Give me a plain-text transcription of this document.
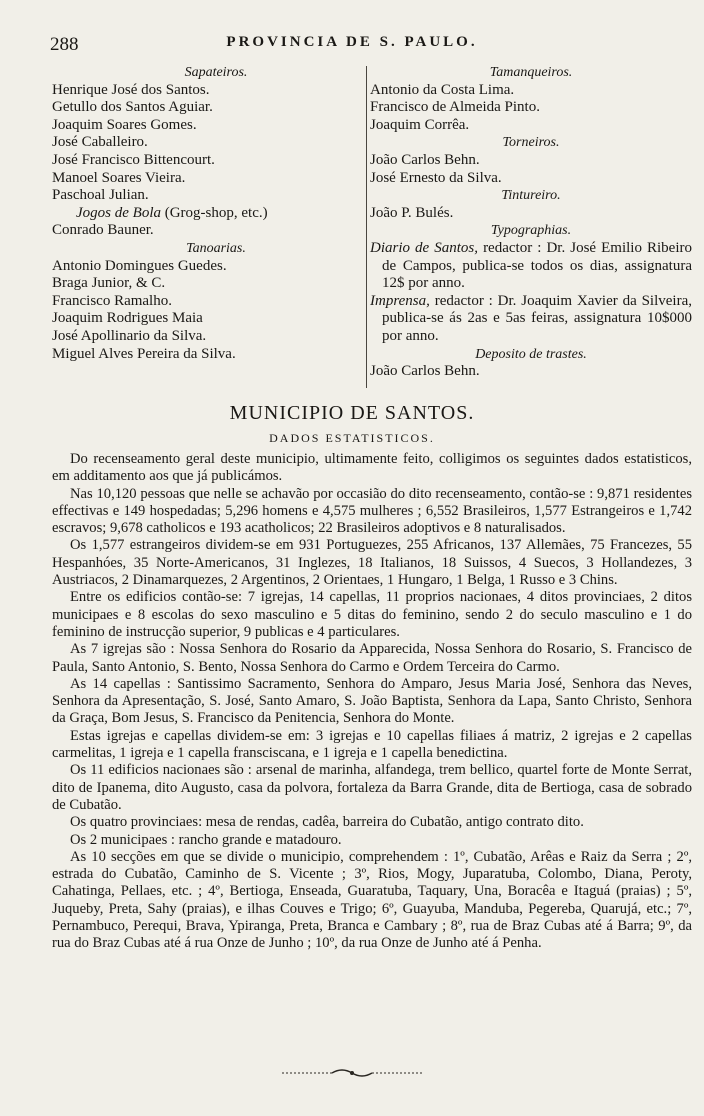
288	PROVINCIA DE S. PAULO.
Sapateiros.
Henrique José dos Santos.
Getullo dos Santos Aguiar.
Joaquim Soares Gomes.
José Caballeiro.
José Francisco Bittencourt.
Manoel Soares Vieira.
Paschoal Julian.
Jogos de Bola (Grog-shop, etc.)
Conrado Bauner.
Tanoarias.
Antonio Domingues Guedes.
Braga Junior, & C.
Francisco Ramalho.
Joaquim Rodrigues Maia
José Apollinario da Silva.
Miguel Alves Pereira da Silva.
Tamanqueiros.
Antonio da Costa Lima.
Francisco de Almeida Pinto.
Joaquim Corrêa.
Torneiros.
João Carlos Behn.
José Ernesto da Silva.
Tintureiro.
João P. Bulés.
Typographias.
Diario de Santos, redactor : Dr. José Emilio Ribeiro de Campos, publica-se todos os dias, assignatura 12$ por anno.
Imprensa, redactor : Dr. Joaquim Xavier da Silveira, publica-se ás 2as e 5as feiras, assignatura 10$000 por anno.
Deposito de trastes.
João Carlos Behn.
MUNICIPIO DE SANTOS.
DADOS ESTATISTICOS.

Do recenseamento geral deste municipio, ultimamente feito, colligimos os seguintes dados estatisticos, em additamento aos que já publicámos.

Nas 10,120 pessoas que nelle se achavão por occasião do dito recenseamento, contão-se : 9,871 residentes effectivas e 149 hospedadas; 5,296 homens e 4,575 mulheres ; 6,552 Brasileiros, 1,577 Estrangeiros e 1,742 escravos; 9,678 catholicos e 193 acatholicos; 22 Brasileiros adoptivos e 8 naturalisados.

Os 1,577 estrangeiros dividem-se em 931 Portuguezes, 255 Africanos, 137 Allemães, 75 Francezes, 55 Hespanhóes, 35 Norte-Americanos, 31 Inglezes, 18 Italianos, 18 Suissos, 4 Suecos, 3 Hollandezes, 3 Austriacos, 2 Dinamarquezes, 2 Argentinos, 2 Orientaes, 1 Hungaro, 1 Belga, 1 Russo e 3 Chins.

Entre os edificios contão-se: 7 igrejas, 14 capellas, 11 proprios nacionaes, 4 ditos provinciaes, 2 ditos municipaes e 8 escolas do sexo masculino e 5 ditas do feminino, sendo 2 do seculo masculino e 1 do feminino de instrucção superior, 9 publicas e 4 particulares.

As 7 igrejas são : Nossa Senhora do Rosario da Apparecida, Nossa Senhora do Rosario, S. Francisco de Paula, Santo Antonio, S. Bento, Nossa Senhora do Carmo e Ordem Terceira do Carmo.

As 14 capellas : Santissimo Sacramento, Senhora do Amparo, Jesus Maria José, Senhora das Neves, Senhora da Apresentação, S. José, Santo Amaro, S. João Baptista, Senhora da Lapa, Santo Christo, Senhora da Graça, Bom Jesus, S. Francisco da Penitencia, Senhora do Monte.

Estas igrejas e capellas dividem-se em: 3 igrejas e 10 capellas filiaes á matriz, 2 igrejas e 2 capellas carmelitas, 1 igreja e 1 capella fransciscana, e 1 igreja e 1 capella benedictina.

Os 11 edificios nacionaes são : arsenal de marinha, alfandega, trem bellico, quartel forte de Monte Serrat, dito de Ipanema, dito Augusto, casa da polvora, fortaleza da Barra Grande, dita de Bertioga, casa de sobrado de Cubatão.

Os quatro provinciaes: mesa de rendas, cadêa, barreira do Cubatão, antigo contrato dito.

Os 2 municipaes : rancho grande e matadouro.

As 10 secções em que se divide o municipio, comprehendem : 1º, Cubatão, Arêas e Raiz da Serra ; 2º, estrada do Cubatão, Caminho de S. Vicente ; 3º, Rios, Mogy, Juparatuba, Colombo, Diana, Peroty, Cahatinga, Pellaes, etc. ; 4º, Bertioga, Enseada, Guaratuba, Taquary, Una, Boracêa e Itaguá (praias) ; 5º, Juqueby, Preta, Sahy (praias), e ilhas Couves e Trigo; 6º, Guayuba, Manduba, Pegereba, Quarujá, etc.; 7º, Pernambuco, Perequi, Brava, Ypiranga, Preta, Branca e Cambary ; 8º, rua de Braz Cubas até á Barra; 9º, da rua do Braz Cubas até á rua Onze de Junho ; 10º, da rua Onze de Junho até á Penha.
